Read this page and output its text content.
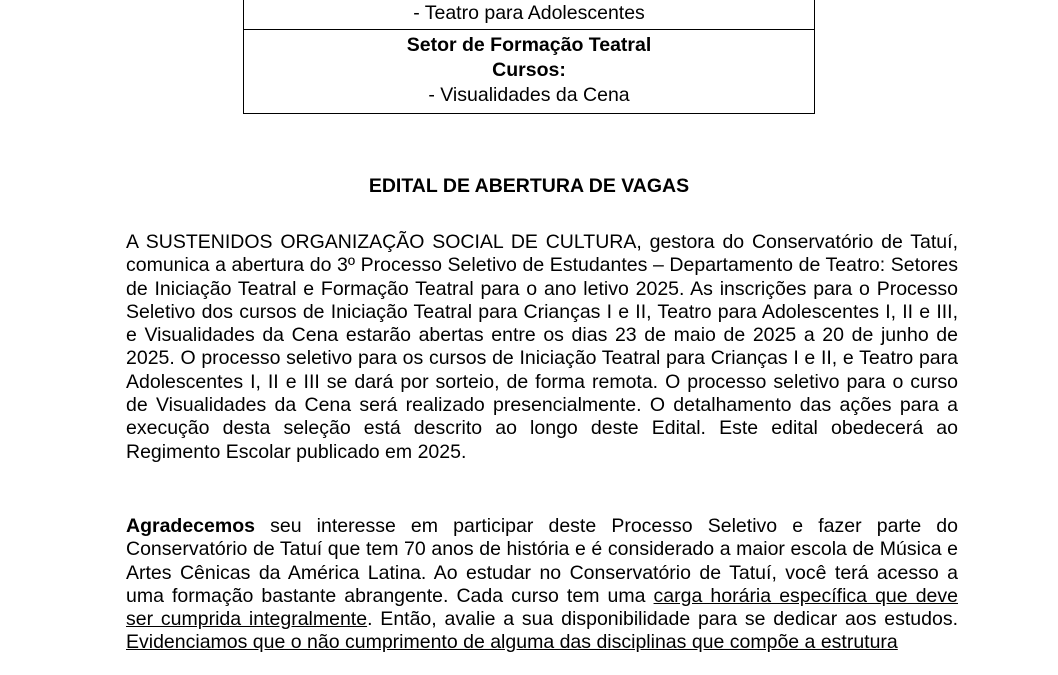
- Teatro para Adolescentes
Setor de Formação Teatral
Cursos:
- Visualidades da Cena
EDITAL DE ABERTURA DE VAGAS
A SUSTENIDOS ORGANIZAÇÃO SOCIAL DE CULTURA, gestora do Conservatório de Tatuí, comunica a abertura do 3º Processo Seletivo de Estudantes – Departamento de Teatro: Setores de Iniciação Teatral e Formação Teatral para o ano letivo 2025. As inscrições para o Processo Seletivo dos cursos de Iniciação Teatral para Crianças I e II, Teatro para Adolescentes I, II e III, e Visualidades da Cena estarão abertas entre os dias 23 de maio de 2025 a 20 de junho de 2025. O processo seletivo para os cursos de Iniciação Teatral para Crianças I e II, e Teatro para Adolescentes I, II e III se dará por sorteio, de forma remota. O processo seletivo para o curso de Visualidades da Cena será realizado presencialmente. O detalhamento das ações para a execução desta seleção está descrito ao longo deste Edital. Este edital obedecerá ao Regimento Escolar publicado em 2025.
Agradecemos seu interesse em participar deste Processo Seletivo e fazer parte do Conservatório de Tatuí que tem 70 anos de história e é considerado a maior escola de Música e Artes Cênicas da América Latina. Ao estudar no Conservatório de Tatuí, você terá acesso a uma formação bastante abrangente. Cada curso tem uma carga horária específica que deve ser cumprida integralmente. Então, avalie a sua disponibilidade para se dedicar aos estudos. Evidenciamos que o não cumprimento de alguma das disciplinas que compõe a estrutura
